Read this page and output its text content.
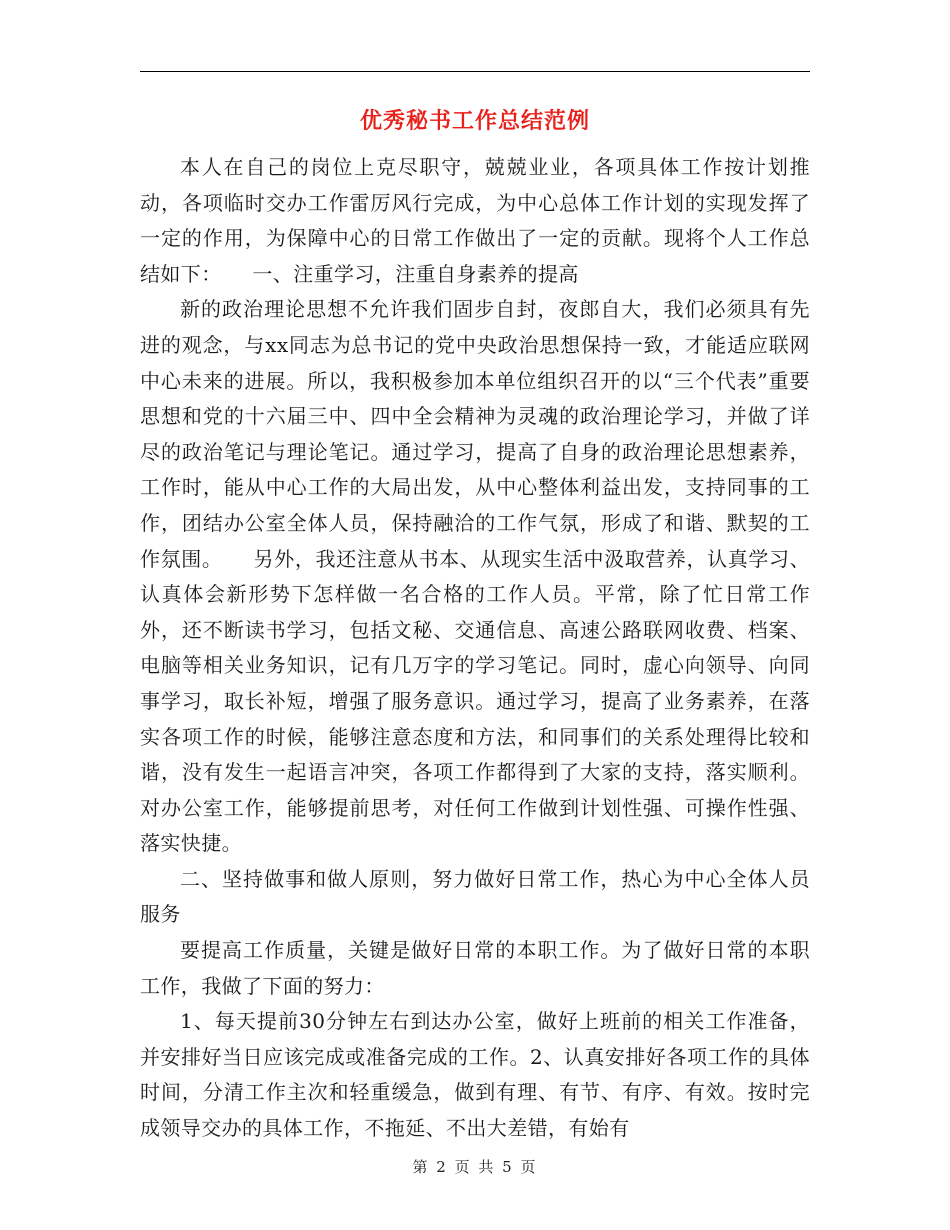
优秀秘书工作总结范例

本人在自己的岗位上克尽职守，兢兢业业，各项具体工作按计划推动，各项临时交办工作雷厉风行完成，为中心总体工作计划的实现发挥了一定的作用，为保障中心的日常工作做出了一定的贡献。现将个人工作总结如下：　　一、注重学习，注重自身素养的提高

新的政治理论思想不允许我们固步自封，夜郎自大，我们必须具有先进的观念，与xx同志为总书记的党中央政治思想保持一致，才能适应联网中心未来的进展。所以，我积极参加本单位组织召开的以“三个代表”重要思想和党的十六届三中、四中全会精神为灵魂的政治理论学习，并做了详尽的政治笔记与理论笔记。通过学习，提高了自身的政治理论思想素养，工作时，能从中心工作的大局出发，从中心整体利益出发，支持同事的工作，团结办公室全体人员，保持融洽的工作气氛，形成了和谐、默契的工作氛围。　　另外，我还注意从书本、从现实生活中汲取营养，认真学习、认真体会新形势下怎样做一名合格的工作人员。平常，除了忙日常工作外，还不断读书学习，包括文秘、交通信息、高速公路联网收费、档案、电脑等相关业务知识，记有几万字的学习笔记。同时，虚心向领导、向同事学习，取长补短，增强了服务意识。通过学习，提高了业务素养，在落实各项工作的时候，能够注意态度和方法，和同事们的关系处理得比较和谐，没有发生一起语言冲突，各项工作都得到了大家的支持，落实顺利。对办公室工作，能够提前思考，对任何工作做到计划性强、可操作性强、落实快捷。

二、坚持做事和做人原则，努力做好日常工作，热心为中心全体人员服务

要提高工作质量，关键是做好日常的本职工作。为了做好日常的本职工作，我做了下面的努力：

1、每天提前30分钟左右到达办公室，做好上班前的相关工作准备，并安排好当日应该完成或准备完成的工作。2、认真安排好各项工作的具体时间，分清工作主次和轻重缓急，做到有理、有节、有序、有效。按时完成领导交办的具体工作，不拖延、不出大差错，有始有

第 2 页 共 5 页
